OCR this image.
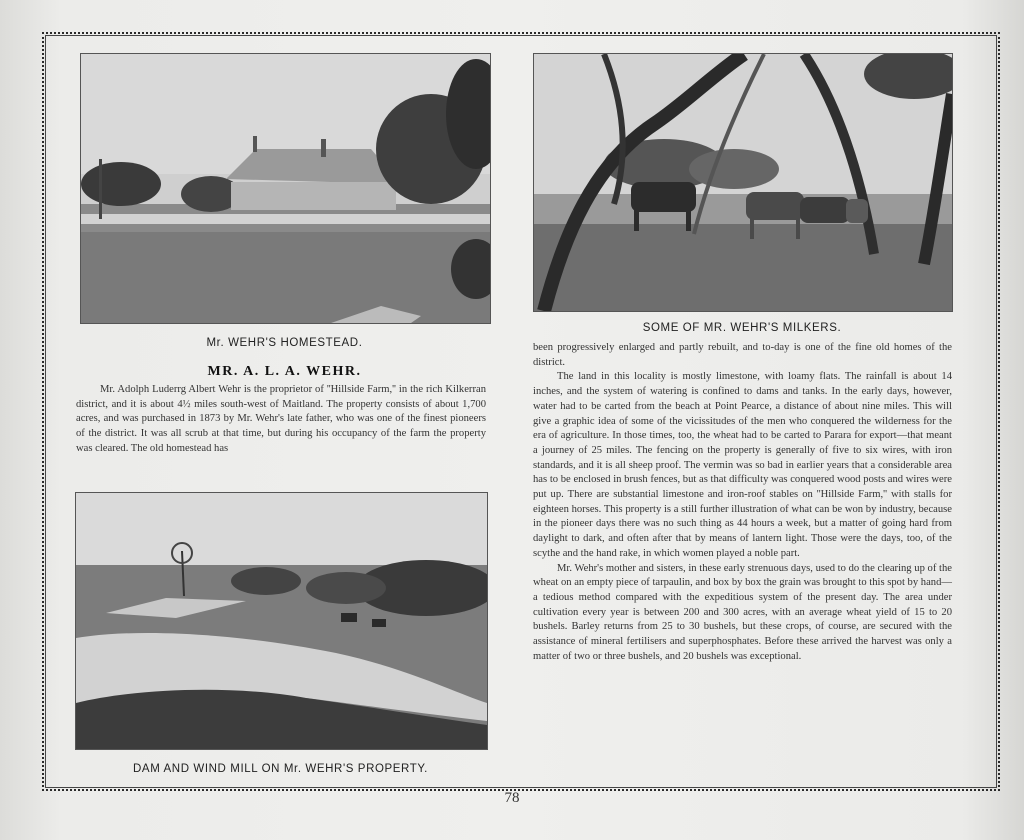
Mr. WEHR'S HOMESTEAD.
SOME OF MR. WEHR'S MILKERS.
MR. A. L. A. WEHR.

Mr. Adolph Luderrg Albert Wehr is the proprietor of ''Hillside Farm,'' in the rich Kilkerran district, and it is about 4½ miles south-west of Maitland. The property consists of about 1,700 acres, and was purchased in 1873 by Mr. Wehr's late father, who was one of the finest pioneers of the district. It was all scrub at that time, but during his occupancy of the farm the property was cleared. The old homestead has

DAM AND WIND MILL ON Mr. WEHR'S PROPERTY.

been progressively enlarged and partly rebuilt, and to-day is one of the fine old homes of the district.

The land in this locality is mostly limestone, with loamy flats. The rainfall is about 14 inches, and the system of watering is confined to dams and tanks. In the early days, however, water had to be carted from the beach at Point Pearce, a distance of about nine miles. This will give a graphic idea of some of the vicissitudes of the men who conquered the wilderness for the era of agriculture. In those times, too, the wheat had to be carted to Parara for export—that meant a journey of 25 miles. The fencing on the property is generally of five to six wires, with iron standards, and it is all sheep proof. The vermin was so bad in earlier years that a considerable area has to be enclosed in brush fences, but as that difficulty was conquered wood posts and wires were put up. There are substantial limestone and iron-roof stables on ''Hillside Farm,'' with stalls for eighteen horses. This property is a still further illustration of what can be won by industry, because in the pioneer days there was no such thing as 44 hours a week, but a matter of going hard from daylight to dark, and often after that by means of lantern light. Those were the days, too, of the scythe and the hand rake, in which women played a noble part.

Mr. Wehr's mother and sisters, in these early strenuous days, used to do the clearing up of the wheat on an empty piece of tarpaulin, and box by box the grain was brought to this spot by hand—a tedious method compared with the expeditious system of the present day. The area under cultivation every year is between 200 and 300 acres, with an average wheat yield of 15 to 20 bushels. Barley returns from 25 to 30 bushels, but these crops, of course, are secured with the assistance of mineral fertilisers and superphosphates. Before these arrived the harvest was only a matter of two or three bushels, and 20 bushels was exceptional.

78
